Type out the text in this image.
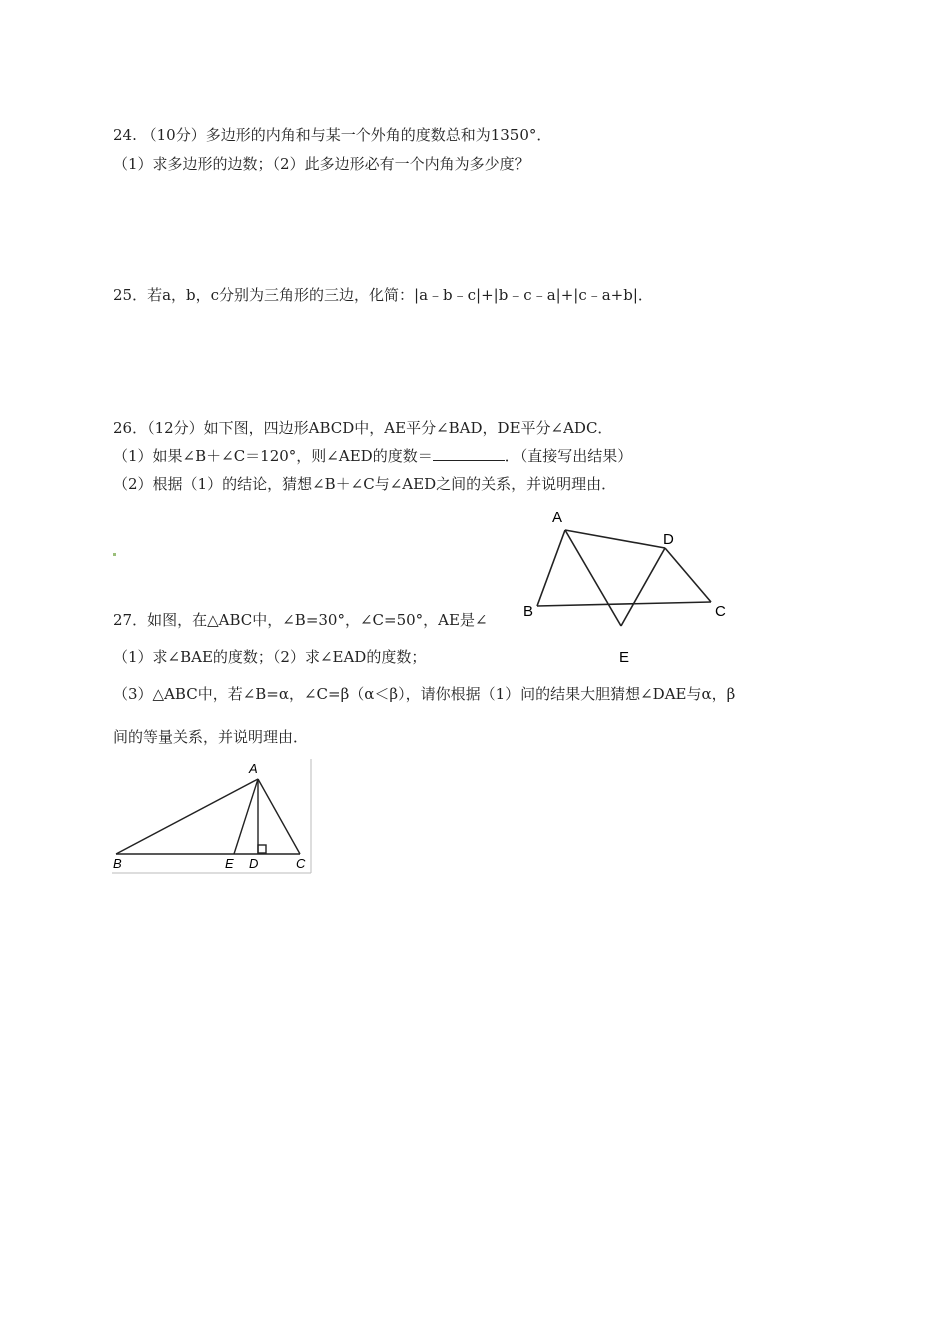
24. （10分）多边形的内角和与某一个外角的度数总和为1350°．
（1）求多边形的边数；（2）此多边形必有一个内角为多少度？
25．若a，b，c分别为三角形的三边，化简：|a﹣b﹣c|+|b﹣c﹣a|+|c﹣a+b|．
26．（12分）如下图，四边形ABCD中，AE平分∠BAD，DE平分∠ADC．
（1）如果∠B＋∠C＝120°，则∠AED的度数＝	．（直接写出结果）
（2）根据（1）的结论，猜想∠B＋∠C与∠AED之间的关系，并说明理由．
A
D
B	C
E
27．如图，在△ABC中，∠B=30°，∠C=50°，AE是∠
（1）求∠BAE的度数；（2）求∠EAD的度数；
（3）△ABC中，若∠B=α，∠C=β（α＜β），请你根据（1）问的结果大胆猜想∠DAE与α，β
间的等量关系，并说明理由．
A
B	E D	C
